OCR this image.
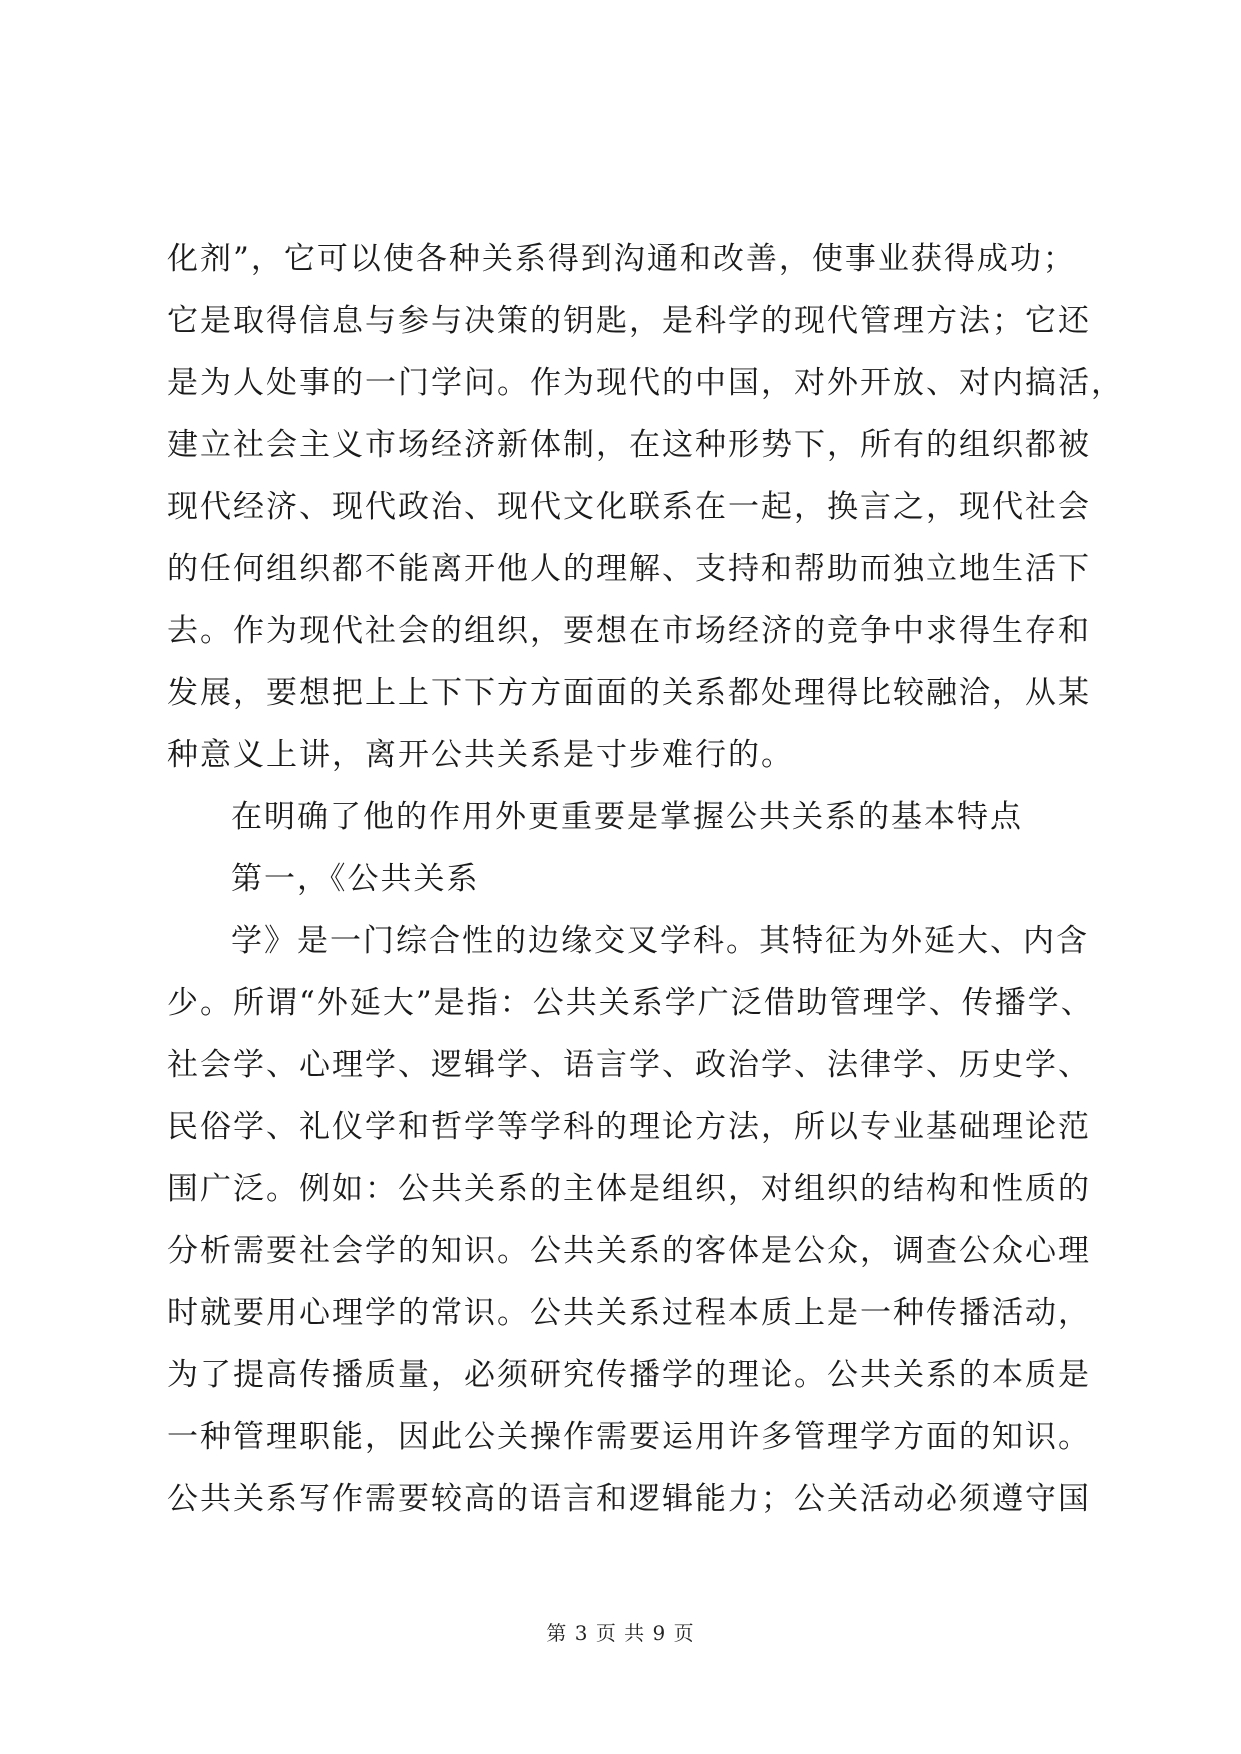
化剂”，它可以使各种关系得到沟通和改善，使事业获得成功；
它是取得信息与参与决策的钥匙，是科学的现代管理方法；它还
是为人处事的一门学问。作为现代的中国，对外开放、对内搞活，
建立社会主义市场经济新体制，在这种形势下，所有的组织都被
现代经济、现代政治、现代文化联系在一起，换言之，现代社会
的任何组织都不能离开他人的理解、支持和帮助而独立地生活下
去。作为现代社会的组织，要想在市场经济的竞争中求得生存和
发展，要想把上上下下方方面面的关系都处理得比较融洽，从某
种意义上讲，离开公共关系是寸步难行的。
在明确了他的作用外更重要是掌握公共关系的基本特点
第一，《公共关系
学》是一门综合性的边缘交叉学科。其特征为外延大、内含
少。所谓“外延大”是指：公共关系学广泛借助管理学、传播学、
社会学、心理学、逻辑学、语言学、政治学、法律学、历史学、
民俗学、礼仪学和哲学等学科的理论方法，所以专业基础理论范
围广泛。例如：公共关系的主体是组织，对组织的结构和性质的
分析需要社会学的知识。公共关系的客体是公众，调查公众心理
时就要用心理学的常识。公共关系过程本质上是一种传播活动，
为了提高传播质量，必须研究传播学的理论。公共关系的本质是
一种管理职能，因此公关操作需要运用许多管理学方面的知识。
公共关系写作需要较高的语言和逻辑能力；公关活动必须遵守国
第 3 页 共 9 页
